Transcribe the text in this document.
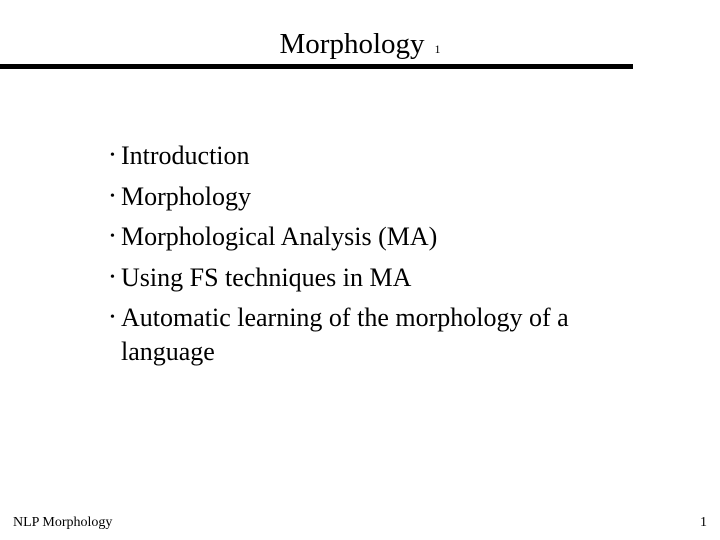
Morphology 1
• Introduction
• Morphology
• Morphological Analysis (MA)
• Using FS techniques in MA
• Automatic learning of the morphology of a language
NLP Morphology	1
